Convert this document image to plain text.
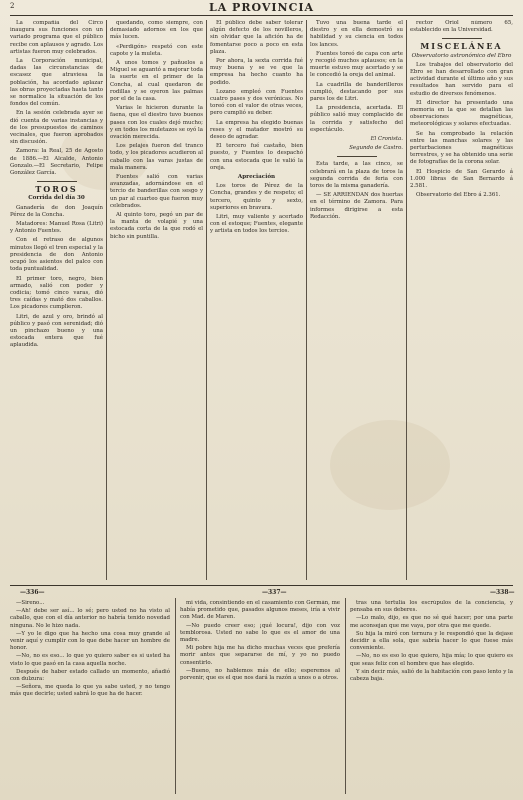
2	LA PROVINCIA

La compañía del Circo inaugura sus funciones con un variado programa que el público recibe con aplausos y agrado. Los artistas fueron muy celebrados.

La Corporación municipal, dadas las circunstancias de escasez que atraviesa la población, ha acordado aplazar las obras proyectadas hasta tanto se normalice la situación de los fondos del común.

En la sesión celebrada ayer se dió cuenta de varias instancias y de los presupuestos de caminos vecinales, que fueron aprobados sin discusión.

Zamora: la Real, 25 de Agosto de 1886.—El Alcalde, Antonio Gonzalo.—El Secretario, Felipe González García.

TOROS

Corrida del día 30

Ganadería de don Joaquín Pérez de la Concha.

Matadores: Manuel Rosa (Litri) y Antonio Fuentes.

Con el retraso de algunos minutos llegó el tren especial y la presidencia de don Antonio ocupó los asientos del palco con toda puntualidad.

El primer toro, negro, bien armado, salió con poder y codicia; tomó cinco varas, dió tres caídas y mató dos caballos. Los picadores cumplieron.

Litri, de azul y oro, brindó al público y pasó con serenidad; dió un pinchazo bueno y una estocada entera que fué aplaudida.

quedando, como siempre, con demasiado adornos en los que más lucen.

«Perdigón» respetó con este capote y la muleta.

A unos tomos y pañuelos a Miguel se aguantó a mejorar toda la suerte en el primer de la Concha, al cual quedaron de rodillas y se oyeron las palmas por el de la casa.

Varias le hicieron durante la faena, que el diestro tuvo buenos pases con los cuales dejó mucho; y en todos los muletazos se oyó la ovación merecida.

Los pelajes fueron del tranco todo, y los picadores acudieron al caballo con las varas justas de mala manera.

Fuentes salió con varias avanzadas, adornándose en el tercio de banderillas con sesgo y un par al cuarteo que fueron muy celebrados.

Al quinto toro, pegó un par de la manta de volapié y una estocada corta de la que rodó el bicho sin puntilla.

El público debe saber tolerar algún defecto de los novilleros, sin olvidar que la afición ha de fomentarse poco a poco en esta plaza.

Por ahora, la sexta corrida fué muy buena y se ve que la empresa ha hecho cuanto ha podido.

Lozano empleó con Fuentes cuatro pases y dos verónicas. No toreó con el valor de otras veces, pero cumplió su deber.

La empresa ha elegido buenas reses y el matador mostró su deseo de agradar.

El tercero fué castaño, bien puesto, y Fuentes lo despachó con una estocada que le valió la oreja.

Apreciación

Los toros de Pérez de la Concha, grandes y de respeto; el tercero, quinto y sexto, superiores en bravura.

Litri, muy valiente y acertado con el estoque; Fuentes, elegante y artista en todos los tercios.

Tuvo una buena tarde el diestro y en ella demostró su habilidad y su ciencia en todos los lances.

Fuentes toreó de capa con arte y recogió muchos aplausos; en la muerte estuvo muy acertado y se le concedió la oreja del animal.

La cuadrilla de banderilleros cumplió, destacando por sus pares los de Litri.

La presidencia, acertada. El público salió muy complacido de la corrida y satisfecho del espectáculo.

El Cronista.

Segundo de Castro.

Esta tarde, a las cinco, se celebrará en la plaza de toros la segunda corrida de feria con toros de la misma ganadería.

— SE ARRIENDAN dos huertas en el término de Zamora. Para informes dirigirse a esta Redacción.

rector Oriol número 65, establecido en la Universidad.

MISCELÁNEA

Observatorio astronómico del Ebro

Los trabajos del observatorio del Ebro se han desarrollado con gran actividad durante el último año y sus resultados han servido para el estudio de diversos fenómenos.

El director ha presentado una memoria en la que se detallan las observaciones magnéticas, meteorológicas y solares efectuadas.

Se ha comprobado la relación entre las manchas solares y las perturbaciones magnéticas terrestres, y se ha obtenido una serie de fotografías de la corona solar.

El Hospicio de San Gerardo á 1.000 libras de San Bernardo á 2.581.

Observatorio del Ebro á 2.361.

—336—	—337—	—338—

—Sireno...

—Ah! debe ser así... lo sé; pero usted no ha visto al caballo, que con el día anterior no habría tenido novedad ninguna. No le hizo nada.

—Y yo le digo que ha hecho una cosa muy grande al venir aquí y cumplir con lo que debe hacer un hombre de honor.

—No, no es eso... lo que yo quiero saber es si usted ha visto lo que pasó en la casa aquella noche.

Después de haber estado callado un momento, añadió con dulzura:

—Señora, me queda lo que ya sabe usted, y no tengo más que decirle; usted sabrá lo que ha de hacer.

mi vida, consintiendo en el casamiento con Germán, me había prometido que, pasados algunos meses, iría a vivir con Mad. de Maren.

—No puedo creer eso; ¡qué locura!, dijo con voz temblorosa. Usted no sabe lo que es el amor de una madre.

Mi pobre hija me ha dicho muchas veces que prefería morir antes que separarse de mí, y yo no puedo consentirlo.

—Bueno, no hablemos más de ello; esperemos al porvenir, que es el que nos dará la razón a unos o a otros.

tras una tertulia los escrúpulos de la conciencia, y pensaba en sus deberes.

—Lo malo, dijo, es que no sé qué hacer; por una parte me aconsejan que me vaya, por otra que me quede.

Su hija la miró con ternura y le respondió que la dejase decidir a ella sola, que sabría hacer lo que fuese más conveniente.

—No, no es eso lo que quiero, hija mía; lo que quiero es que seas feliz con el hombre que has elegido.

Y sin decir más, salió de la habitación con paso lento y la cabeza baja.
